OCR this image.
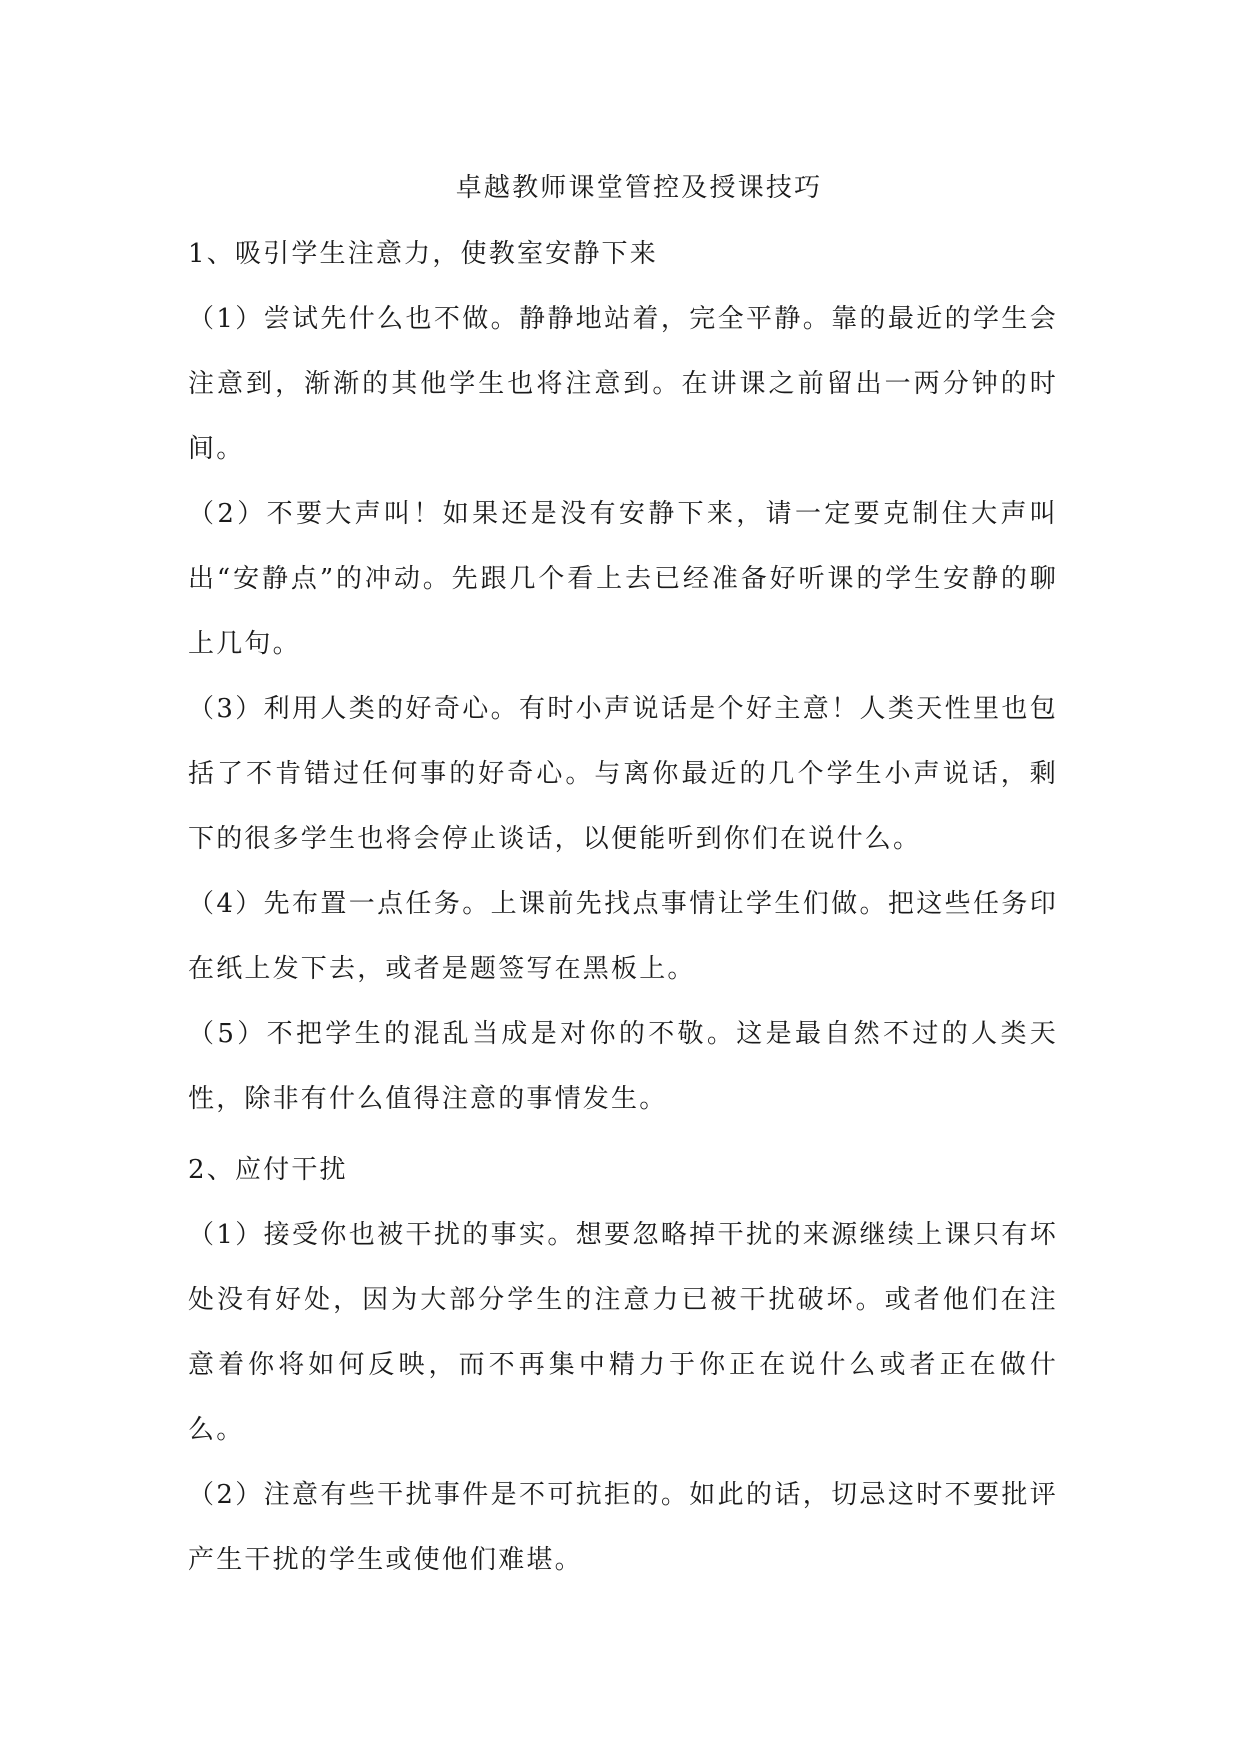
卓越教师课堂管控及授课技巧

1、吸引学生注意力，使教室安静下来

（1）尝试先什么也不做。静静地站着，完全平静。靠的最近的学生会注意到，渐渐的其他学生也将注意到。在讲课之前留出一两分钟的时间。

（2）不要大声叫！如果还是没有安静下来，请一定要克制住大声叫出“安静点”的冲动。先跟几个看上去已经准备好听课的学生安静的聊上几句。

（3）利用人类的好奇心。有时小声说话是个好主意！人类天性里也包括了不肯错过任何事的好奇心。与离你最近的几个学生小声说话，剩下的很多学生也将会停止谈话，以便能听到你们在说什么。

（4）先布置一点任务。上课前先找点事情让学生们做。把这些任务印在纸上发下去，或者是题签写在黑板上。

（5）不把学生的混乱当成是对你的不敬。这是最自然不过的人类天性，除非有什么值得注意的事情发生。

2、应付干扰

（1）接受你也被干扰的事实。想要忽略掉干扰的来源继续上课只有坏处没有好处，因为大部分学生的注意力已被干扰破坏。或者他们在注意着你将如何反映，而不再集中精力于你正在说什么或者正在做什么。

（2）注意有些干扰事件是不可抗拒的。如此的话，切忌这时不要批评产生干扰的学生或使他们难堪。
